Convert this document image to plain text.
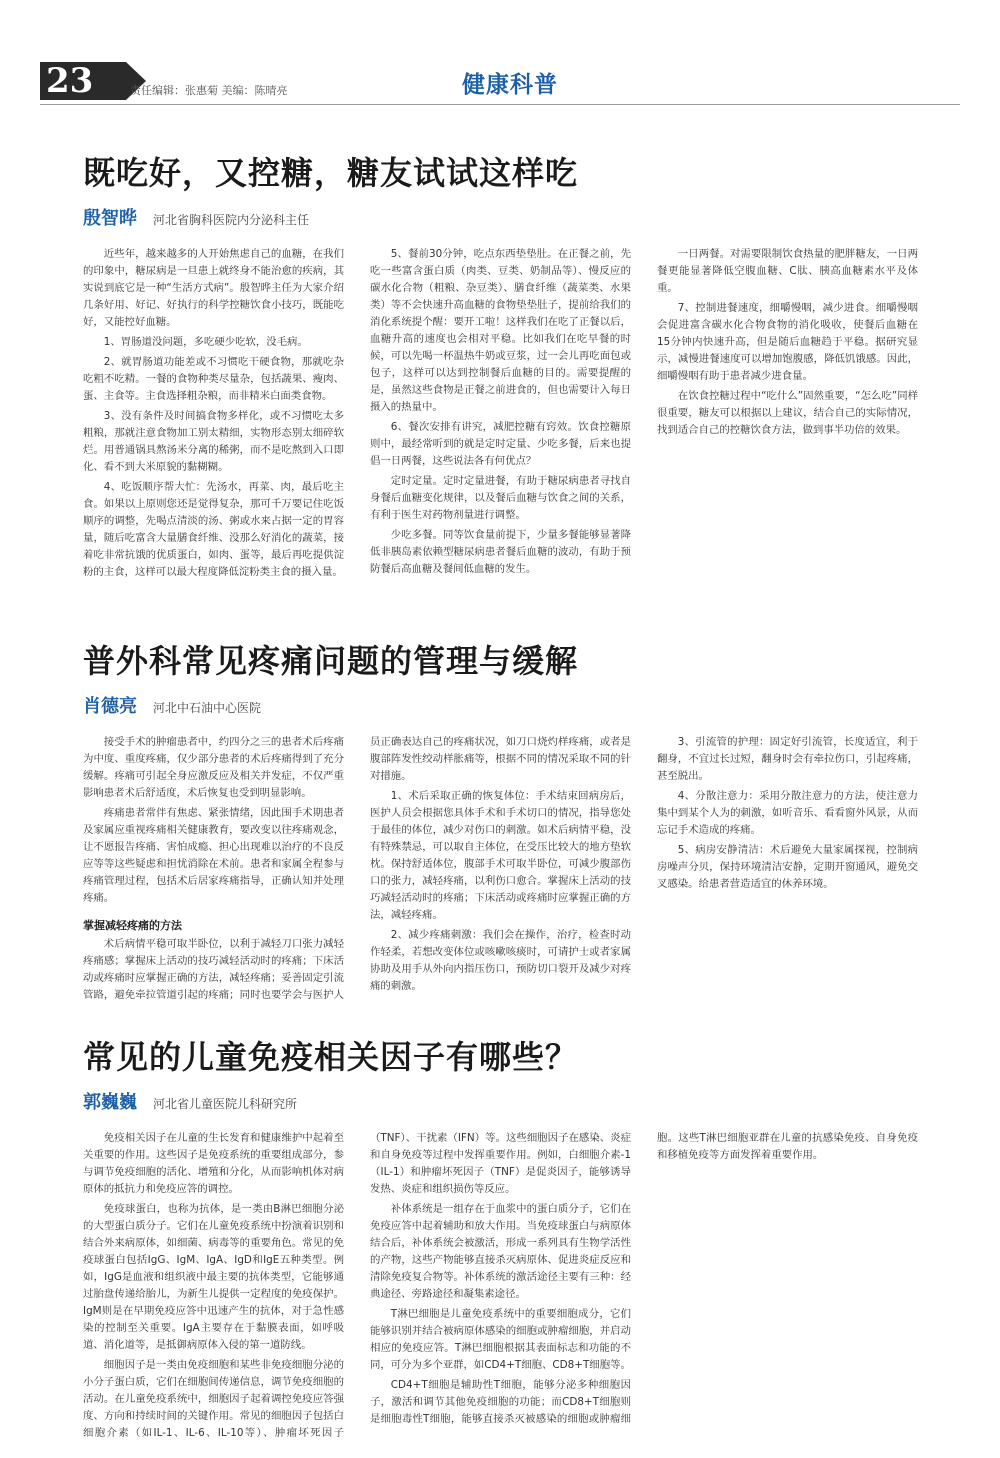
23	责任编辑：张惠菊 美编：陈晴亮	健康科普
既吃好，又控糖，糖友试试这样吃
殷智晔 河北省胸科医院内分泌科主任

近些年，越来越多的人开始焦虑自己的血糖，在我们的印象中，糖尿病是一旦患上就终身不能治愈的疾病，其实说到底它是一种“生活方式病”。殷智晔主任为大家介绍几条好用、好记、好执行的科学控糖饮食小技巧，既能吃好，又能控好血糖。

1、胃肠道没问题，多吃硬少吃软，没毛病。

2、就胃肠道功能差或不习惯吃干硬食物，那就吃杂吃粗不吃精。一餐的食物种类尽量杂，包括蔬果、瘦肉、蛋、主食等。主食选择粗杂粮，而非精米白面类食物。

3、没有条件及时间搞食物多样化，或不习惯吃太多粗粮，那就注意食物加工别太精细，实物形态别太细碎软烂。用普通锅具熬汤米分离的稀粥，而不是吃熬到入口即化、看不到大米原貌的黏糊糊。

4、吃饭顺序帮大忙：先汤水，再菜、肉，最后吃主食。如果以上原则您还是觉得复杂，那可千万要记住吃饭顺序的调整，先喝点清淡的汤、粥或水来占据一定的胃容量，随后吃富含大量膳食纤维、没那么好消化的蔬菜，接着吃非常抗饿的优质蛋白，如肉、蛋等，最后再吃提供淀粉的主食，这样可以最大程度降低淀粉类主食的摄入量。

5、餐前30分钟，吃点东西垫垫肚。在正餐之前，先吃一些富含蛋白质（肉类、豆类、奶制品等）、慢反应的碳水化合物（粗粮、杂豆类）、膳食纤维（蔬菜类、水果类）等不会快速升高血糖的食物垫垫肚子，提前给我们的消化系统提个醒：要开工啦！这样我们在吃了正餐以后，血糖升高的速度也会相对平稳。比如我们在吃早餐的时候，可以先喝一杯温热牛奶或豆浆，过一会儿再吃面包或包子，这样可以达到控制餐后血糖的目的。需要提醒的是，虽然这些食物是正餐之前进食的，但也需要计入每日摄入的热量中。

6、餐次安排有讲究，减肥控糖有窍效。饮食控糖原则中，最经常听到的就是定时定量、少吃多餐，后来也提倡一日两餐，这些说法各有何优点？

定时定量。定时定量进餐，有助于糖尿病患者寻找自身餐后血糖变化规律，以及餐后血糖与饮食之间的关系，有利于医生对药物剂量进行调整。

少吃多餐。同等饮食量前提下，少量多餐能够显著降低非胰岛素依赖型糖尿病患者餐后血糖的波动，有助于预防餐后高血糖及餐间低血糖的发生。

一日两餐。对需要限制饮食热量的肥胖糖友，一日两餐更能显著降低空腹血糖、C肽、胰高血糖素水平及体重。

7、控制进餐速度，细嚼慢咽，减少进食。细嚼慢咽会促进富含碳水化合物食物的消化吸收，使餐后血糖在15分钟内快速升高，但是随后血糖趋于平稳。据研究显示，减慢进餐速度可以增加饱腹感，降低饥饿感。因此，细嚼慢咽有助于患者减少进食量。

在饮食控糖过程中“吃什么”固然重要，“怎么吃”同样很重要，糖友可以根据以上建议，结合自己的实际情况，找到适合自己的控糖饮食方法，做到事半功倍的效果。

普外科常见疼痛问题的管理与缓解
肖德亮 河北中石油中心医院

接受手术的肿瘤患者中，约四分之三的患者术后疼痛为中度、重度疼痛，仅少部分患者的术后疼痛得到了充分缓解。疼痛可引起全身应激反应及相关并发症，不仅严重影响患者术后舒适度，术后恢复也受到明显影响。

疼痛患者常伴有焦虑、紧张情绪，因此围手术期患者及家属应重视疼痛相关健康教育，要改变以往疼痛观念，让不愿报告疼痛、害怕成瘾、担心出现难以治疗的不良反应等等这些疑虑和担忧消除在术前。患者和家属全程参与疼痛管理过程，包括术后居家疼痛指导，正确认知并处理疼痛。

掌握减轻疼痛的方法

术后病情平稳可取半卧位，以利于减轻刀口张力减轻疼痛感；掌握床上活动的技巧减轻活动时的疼痛；下床活动或疼痛时应掌握正确的方法，减轻疼痛；妥善固定引流管路，避免牵拉管道引起的疼痛；同时也要学会与医护人员正确表达自己的疼痛状况，如刀口烧灼样疼痛，或者是腹部阵发性绞动样胀痛等，根据不同的情况采取不同的针对措施。

1、术后采取正确的恢复体位：手术结束回病房后，医护人员会根据您具体手术和手术切口的情况，指导您处于最佳的体位，减少对伤口的刺激。如术后病情平稳，没有特殊禁忌，可以取自主体位，在受压比较大的地方垫软枕。保持舒适体位，腹部手术可取半卧位，可减少腹部伤口的张力，减轻疼痛，以利伤口愈合。掌握床上活动的技巧减轻活动时的疼痛；下床活动或疼痛时应掌握正确的方法，减轻疼痛。

2、减少疼痛刺激：我们会在操作，治疗，检查时动作轻柔，若想改变体位或咳嗽咳痰时，可请护士或者家属协助及用手从外向内指压伤口，预防切口裂开及减少对疼痛的刺激。

3、引流管的护理：固定好引流管，长度适宜，利于翻身，不宜过长过短，翻身时会有牵拉伤口，引起疼痛，甚至脱出。

4、分散注意力：采用分散注意力的方法，使注意力集中到某个人为的刺激，如听音乐、看看窗外风景，从而忘记手术造成的疼痛。

5、病房安静清洁：术后避免大量家属探视，控制病房噪声分贝，保持环境清洁安静，定期开窗通风，避免交叉感染。给患者营造适宜的休养环境。

常见的儿童免疫相关因子有哪些？
郭巍巍 河北省儿童医院儿科研究所

免疫相关因子在儿童的生长发育和健康维护中起着至关重要的作用。这些因子是免疫系统的重要组成部分，参与调节免疫细胞的活化、增殖和分化，从而影响机体对病原体的抵抗力和免疫应答的调控。

免疫球蛋白，也称为抗体，是一类由B淋巴细胞分泌的大型蛋白质分子。它们在儿童免疫系统中扮演着识别和结合外来病原体，如细菌、病毒等的重要角色。常见的免疫球蛋白包括IgG、IgM、IgA、IgD和IgE五种类型。例如，IgG是血液和组织液中最主要的抗体类型，它能够通过胎盘传递给胎儿，为新生儿提供一定程度的免疫保护。IgM则是在早期免疫应答中迅速产生的抗体，对于急性感染的控制至关重要。IgA主要存在于黏膜表面，如呼吸道、消化道等，是抵御病原体入侵的第一道防线。

细胞因子是一类由免疫细胞和某些非免疫细胞分泌的小分子蛋白质，它们在细胞间传递信息，调节免疫细胞的活动。在儿童免疫系统中，细胞因子起着调控免疫应答强度、方向和持续时间的关键作用。常见的细胞因子包括白细胞介素（如IL-1、IL-6、IL-10等）、肿瘤坏死因子（TNF）、干扰素（IFN）等。这些细胞因子在感染、炎症和自身免疫等过程中发挥重要作用。例如，白细胞介素-1（IL-1）和肿瘤坏死因子（TNF）是促炎因子，能够诱导发热、炎症和组织损伤等反应。

补体系统是一组存在于血浆中的蛋白质分子，它们在免疫应答中起着辅助和放大作用。当免疫球蛋白与病原体结合后，补体系统会被激活，形成一系列具有生物学活性的产物，这些产物能够直接杀灭病原体、促进炎症反应和清除免疫复合物等。补体系统的激活途径主要有三种：经典途径、旁路途径和凝集素途径。

T淋巴细胞是儿童免疫系统中的重要细胞成分，它们能够识别并结合被病原体感染的细胞或肿瘤细胞，并启动相应的免疫应答。T淋巴细胞根据其表面标志和功能的不同，可分为多个亚群，如CD4+T细胞、CD8+T细胞等。

CD4+T细胞是辅助性T细胞，能够分泌多种细胞因子，激活和调节其他免疫细胞的功能；而CD8+T细胞则是细胞毒性T细胞，能够直接杀灭被感染的细胞或肿瘤细胞。这些T淋巴细胞亚群在儿童的抗感染免疫、自身免疫和移植免疫等方面发挥着重要作用。
